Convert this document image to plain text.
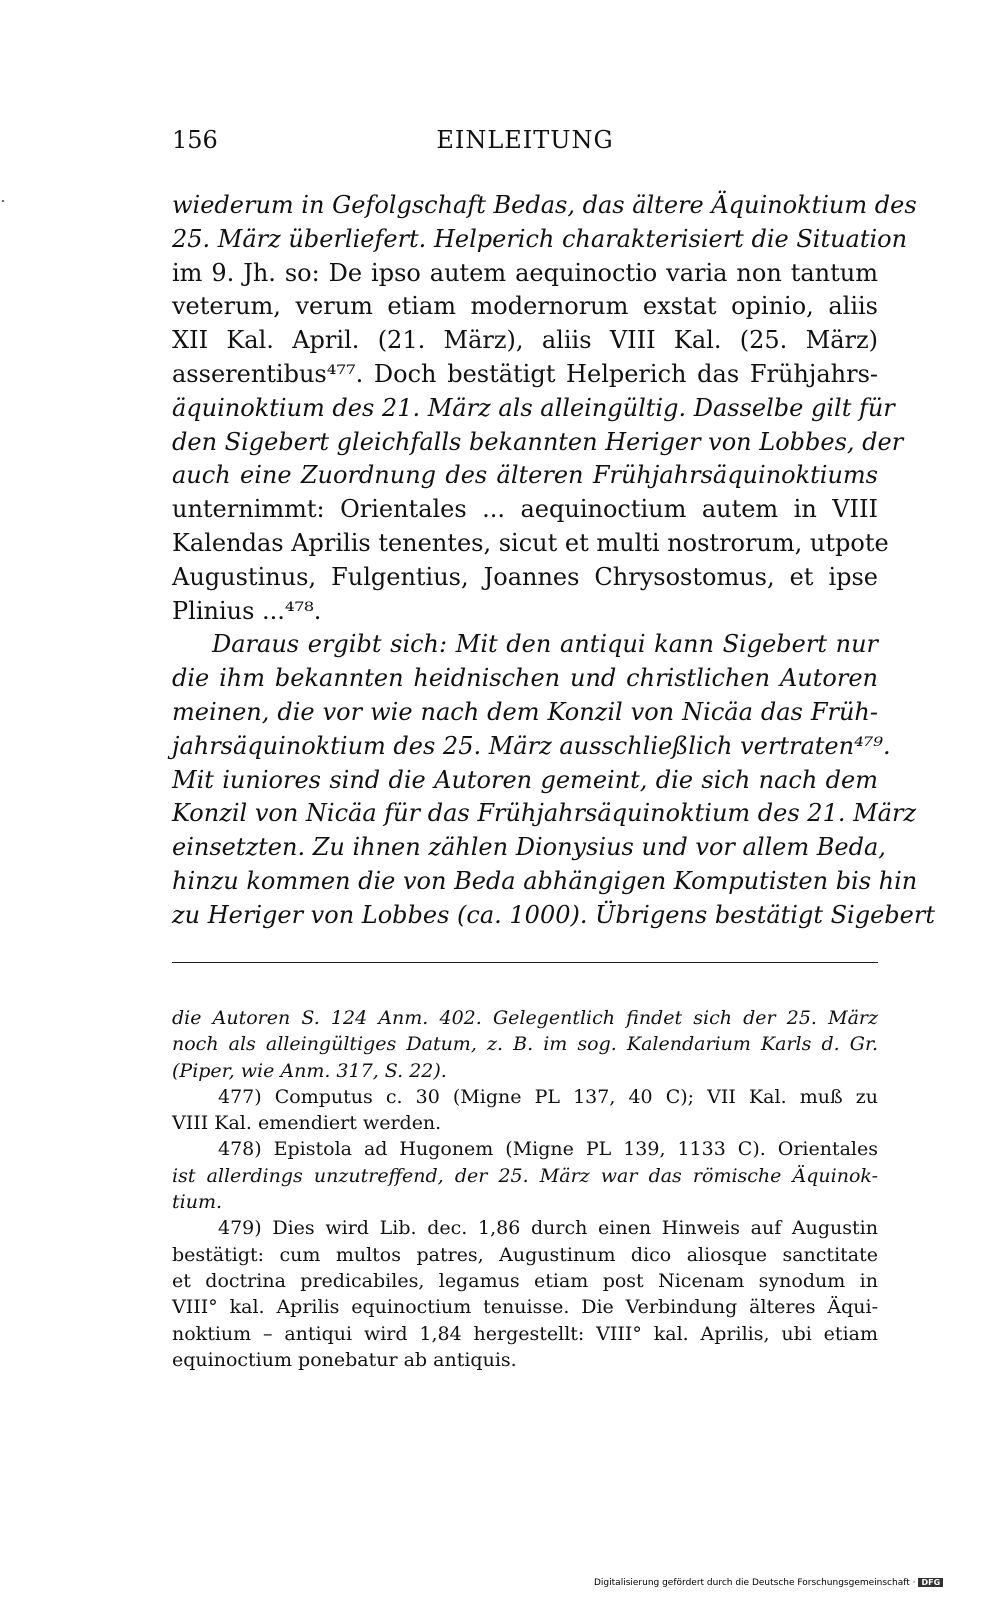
156	EINLEITUNG
wiederum in Gefolgschaft Bedas, das ältere Äquinoktium des
25. März überliefert. Helperich charakterisiert die Situation
im 9. Jh. so: De ipso autem aequinoctio varia non tantum
veterum, verum etiam modernorum exstat opinio, aliis
XII Kal. April. (21. März), aliis VIII Kal. (25. März)
asserentibus⁴⁷⁷. Doch bestätigt Helperich das Frühjahrs-
äquinoktium des 21. März als alleingültig. Dasselbe gilt für
den Sigebert gleichfalls bekannten Heriger von Lobbes, der
auch eine Zuordnung des älteren Frühjahrsäquinoktiums
unternimmt: Orientales ... aequinoctium autem in VIII
Kalendas Aprilis tenentes, sicut et multi nostrorum, utpote
Augustinus, Fulgentius, Joannes Chrysostomus, et ipse
Plinius ...⁴⁷⁸.
Daraus ergibt sich: Mit den antiqui kann Sigebert nur
die ihm bekannten heidnischen und christlichen Autoren
meinen, die vor wie nach dem Konzil von Nicäa das Früh-
jahrsäquinoktium des 25. März ausschließlich vertraten⁴⁷⁹.
Mit iuniores sind die Autoren gemeint, die sich nach dem
Konzil von Nicäa für das Frühjahrsäquinoktium des 21. März
einsetzten. Zu ihnen zählen Dionysius und vor allem Beda,
hinzu kommen die von Beda abhängigen Komputisten bis hin
zu Heriger von Lobbes (ca. 1000). Übrigens bestätigt Sigebert
die Autoren S. 124 Anm. 402. Gelegentlich findet sich der 25. März
noch als alleingültiges Datum, z. B. im sog. Kalendarium Karls d. Gr.
(Piper, wie Anm. 317, S. 22).
477) Computus c. 30 (Migne PL 137, 40 C); VII Kal. muß zu
VIII Kal. emendiert werden.
478) Epistola ad Hugonem (Migne PL 139, 1133 C). Orientales
ist allerdings unzutreffend, der 25. März war das römische Äquinok-
tium.
479) Dies wird Lib. dec. 1,86 durch einen Hinweis auf Augustin
bestätigt: cum multos patres, Augustinum dico aliosque sanctitate
et doctrina predicabiles, legamus etiam post Nicenam synodum in
VIII° kal. Aprilis equinoctium tenuisse. Die Verbindung älteres Äqui-
noktium – antiqui wird 1,84 hergestellt: VIII° kal. Aprilis, ubi etiam
equinoctium ponebatur ab antiquis.
Digitalisierung gefördert durch die Deutsche Forschungsgemeinschaft · DFG
